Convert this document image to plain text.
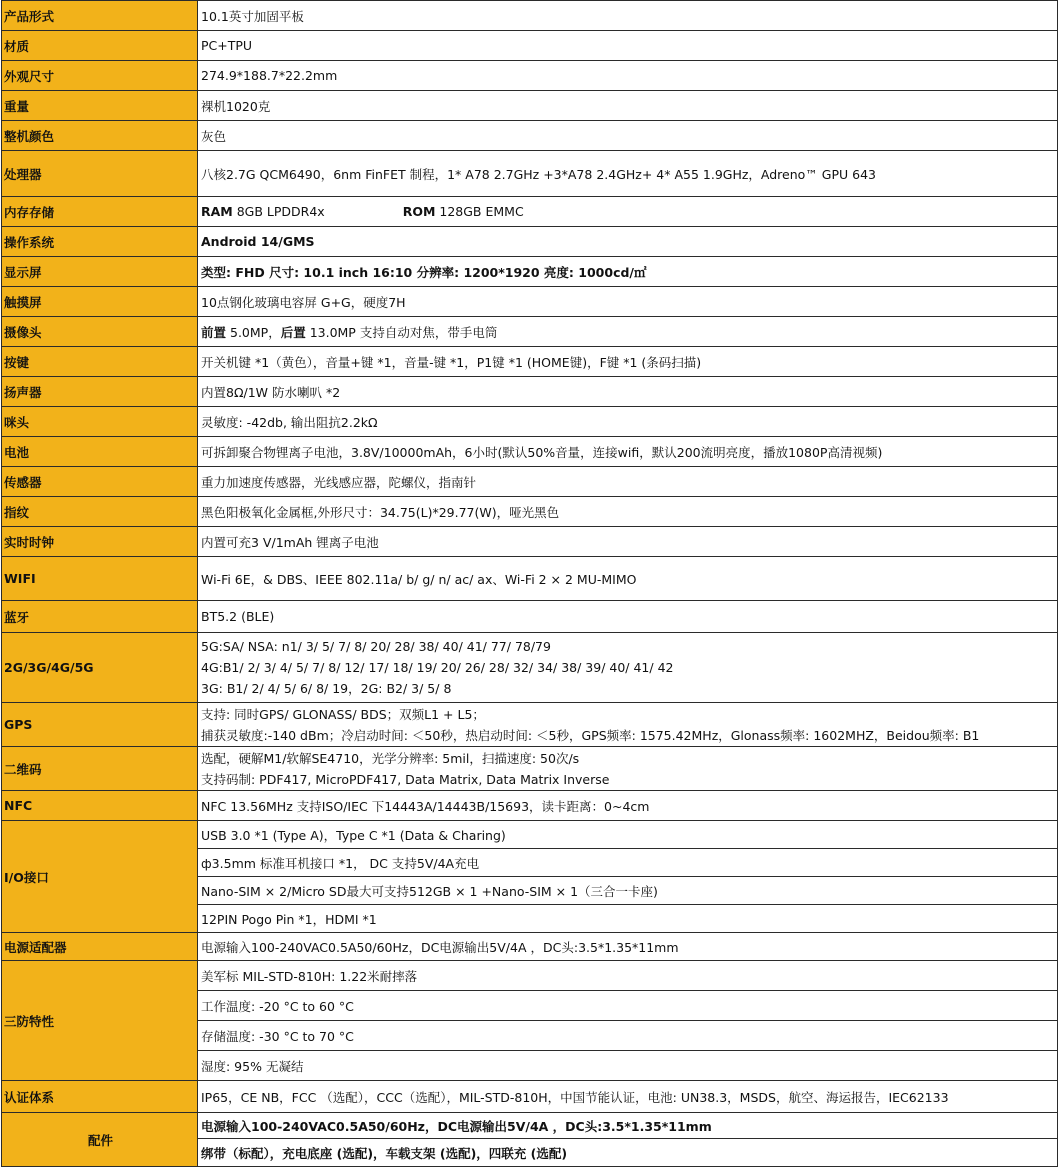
产品形式	10.1英寸加固平板
材质	PC+TPU
外观尺寸	274.9*188.7*22.2mm
重量	裸机1020克
整机颜色	灰色
处理器	八核2.7G QCM6490，6nm FinFET 制程，1* A78 2.7GHz +3*A78 2.4GHz+ 4* A55 1.9GHz，Adreno™ GPU 643
内存存储	RAM 8GB LPDDR4x ROM 128GB EMMC
操作系统	Android 14/GMS
显示屏	类型: FHD 尺寸: 10.1 inch 16:10 分辨率: 1200*1920 亮度: 1000cd/㎡
触摸屏	10点钢化玻璃电容屏 G+G，硬度7H
摄像头	前置 5.0MP，后置 13.0MP 支持自动对焦，带手电筒
按键	开关机键 *1（黄色），音量+键 *1，音量-键 *1，P1键 *1 (HOME键)，F键 *1 (条码扫描)
扬声器	内置8Ω/1W 防水喇叭 *2
咪头	灵敏度: -42db, 输出阻抗2.2kΩ
电池	可拆卸聚合物锂离子电池，3.8V/10000mAh，6小时(默认50%音量，连接wifi，默认200流明亮度，播放1080P高清视频)
传感器	重力加速度传感器，光线感应器，陀螺仪，指南针
指纹	黑色阳极氧化金属框,外形尺寸：34.75(L)*29.77(W)，哑光黑色
实时时钟	内置可充3 V/1mAh 锂离子电池
WIFI	Wi-Fi 6E，& DBS、IEEE 802.11a/ b/ g/ n/ ac/ ax、Wi-Fi 2 × 2 MU-MIMO
蓝牙	BT5.2 (BLE)
2G/3G/4G/5G	5G:SA/ NSA: n1/ 3/ 5/ 7/ 8/ 20/ 28/ 38/ 40/ 41/ 77/ 78/79
4G:B1/ 2/ 3/ 4/ 5/ 7/ 8/ 12/ 17/ 18/ 19/ 20/ 26/ 28/ 32/ 34/ 38/ 39/ 40/ 41/ 42
3G: B1/ 2/ 4/ 5/ 6/ 8/ 19，2G: B2/ 3/ 5/ 8

GPS	支持: 同时GPS/ GLONASS/ BDS；双频L1 + L5；
捕获灵敏度:-140 dBm；冷启动时间: ＜50秒，热启动时间: ＜5秒，GPS频率: 1575.42MHz，Glonass频率: 1602MHZ，Beidou频率: B1

二维码	选配，硬解M1/软解SE4710，光学分辨率: 5mil，扫描速度: 50次/s
支持码制: PDF417, MicroPDF417, Data Matrix, Data Matrix Inverse

NFC	NFC 13.56MHz 支持ISO/IEC 下14443A/14443B/15693，读卡距离：0~4cm
I/O接口	USB 3.0 *1 (Type A)，Type C *1 (Data & Charing)
	ф3.5mm 标准耳机接口 *1， DC 支持5V/4A充电
	Nano-SIM × 2/Micro SD最大可支持512GB × 1 +Nano-SIM × 1（三合一卡座)
	12PIN Pogo Pin *1，HDMI *1
电源适配器	电源输入100-240VAC0.5A50/60Hz，DC电源输出5V/4A ，DC头:3.5*1.35*11mm
三防特性	美军标 MIL-STD-810H: 1.22米耐摔落
	工作温度: -20 °C to 60 °C
	存储温度: -30 °C to 70 °C
	湿度: 95% 无凝结
认证体系	IP65，CE NB，FCC （选配），CCC（选配），MIL-STD-810H，中国节能认证，电池: UN38.3，MSDS，航空、海运报告，IEC62133
配件	电源输入100-240VAC0.5A50/60Hz，DC电源输出5V/4A ，DC头:3.5*1.35*11mm
	绑带（标配），充电底座 (选配)，车载支架 (选配)，四联充 (选配)
